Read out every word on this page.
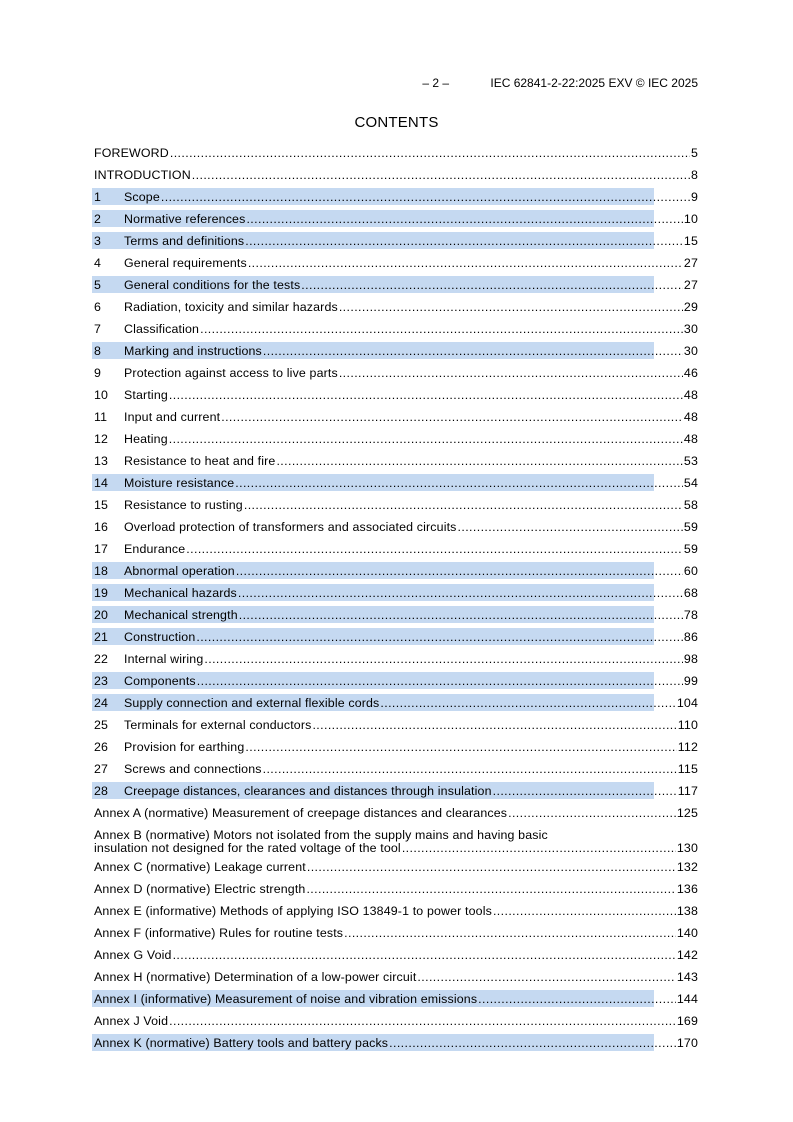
– 2 –	IEC 62841-2-22:2025 EXV © IEC 2025
CONTENTS
FOREWORD .....	5
INTRODUCTION .....	8
1	Scope .....	9
2	Normative references .....	10
3	Terms and definitions .....	15
4	General requirements .....	27
5	General conditions for the tests .....	27
6	Radiation, toxicity and similar hazards .....	29
7	Classification .....	30
8	Marking and instructions .....	30
9	Protection against access to live parts .....	46
10	Starting .....	48
11	Input and current .....	48
12	Heating .....	48
13	Resistance to heat and fire .....	53
14	Moisture resistance .....	54
15	Resistance to rusting .....	58
16	Overload protection of transformers and associated circuits .....	59
17	Endurance .....	59
18	Abnormal operation .....	60
19	Mechanical hazards .....	68
20	Mechanical strength .....	78
21	Construction .....	86
22	Internal wiring .....	98
23	Components .....	99
24	Supply connection and external flexible cords .....	104
25	Terminals for external conductors .....	110
26	Provision for earthing .....	112
27	Screws and connections .....	115
28	Creepage distances, clearances and distances through insulation .....	117
Annex A (normative) Measurement of creepage distances and clearances .....	125
Annex B (normative) Motors not isolated from the supply mains and having basic
insulation not designed for the rated voltage of the tool .....	130
Annex C (normative) Leakage current .....	132
Annex D (normative) Electric strength .....	136
Annex E (informative) Methods of applying ISO 13849-1 to power tools .....	138
Annex F (informative) Rules for routine tests .....	140
Annex G Void .....	142
Annex H (normative) Determination of a low-power circuit .....	143
Annex I (informative) Measurement of noise and vibration emissions .....	144
Annex J Void .....	169
Annex K (normative) Battery tools and battery packs .....	170
